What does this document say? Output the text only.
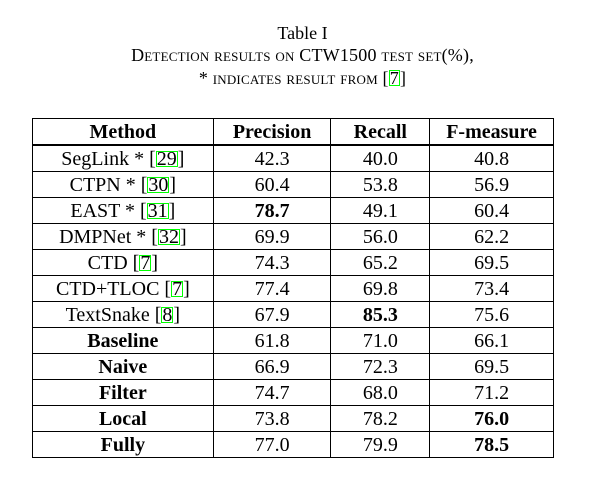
Table I
Detection results on CTW1500 test set(%),
* indicates result from [7]
Method	Precision	Recall	F-measure
SegLink * [29]	42.3	40.0	40.8
CTPN * [30]	60.4	53.8	56.9
EAST * [31]	78.7	49.1	60.4
DMPNet * [32]	69.9	56.0	62.2
CTD [7]	74.3	65.2	69.5
CTD+TLOC [7]	77.4	69.8	73.4
TextSnake [8]	67.9	85.3	75.6
Baseline	61.8	71.0	66.1
Naive	66.9	72.3	69.5
Filter	74.7	68.0	71.2
Local	73.8	78.2	76.0
Fully	77.0	79.9	78.5
